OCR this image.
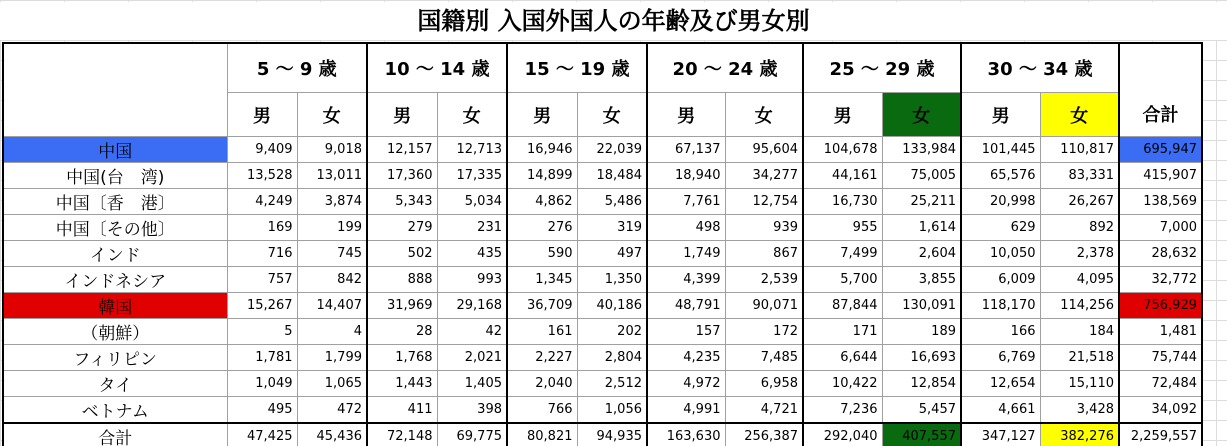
国籍別 入国外国人の年齢及び男女別
	5 ～ 9 歳		10 ～ 14 歳		15 ～ 19 歳		20 ～ 24 歳		25 ～ 29 歳		30 ～ 34 歳		
	男	女	男	女	男	女	男	女	男	女	男	女	合計
中国	9,409	9,018	12,157	12,713	16,946	22,039	67,137	95,604	104,678	133,984	101,445	110,817	695,947
中国(台　湾)	13,528	13,011	17,360	17,335	14,899	18,484	18,940	34,277	44,161	75,005	65,576	83,331	415,907
中国〔香　港〕	4,249	3,874	5,343	5,034	4,862	5,486	7,761	12,754	16,730	25,211	20,998	26,267	138,569
中国〔その他〕	169	199	279	231	276	319	498	939	955	1,614	629	892	7,000
インド	716	745	502	435	590	497	1,749	867	7,499	2,604	10,050	2,378	28,632
インドネシア	757	842	888	993	1,345	1,350	4,399	2,539	5,700	3,855	6,009	4,095	32,772
韓国	15,267	14,407	31,969	29,168	36,709	40,186	48,791	90,071	87,844	130,091	118,170	114,256	756,929
（朝鮮）	5	4	28	42	161	202	157	172	171	189	166	184	1,481
フィリピン	1,781	1,799	1,768	2,021	2,227	2,804	4,235	7,485	6,644	16,693	6,769	21,518	75,744
タイ	1,049	1,065	1,443	1,405	2,040	2,512	4,972	6,958	10,422	12,854	12,654	15,110	72,484
ベトナム	495	472	411	398	766	1,056	4,991	4,721	7,236	5,457	4,661	3,428	34,092
合計	47,425	45,436	72,148	69,775	80,821	94,935	163,630	256,387	292,040	407,557	347,127	382,276	2,259,557
